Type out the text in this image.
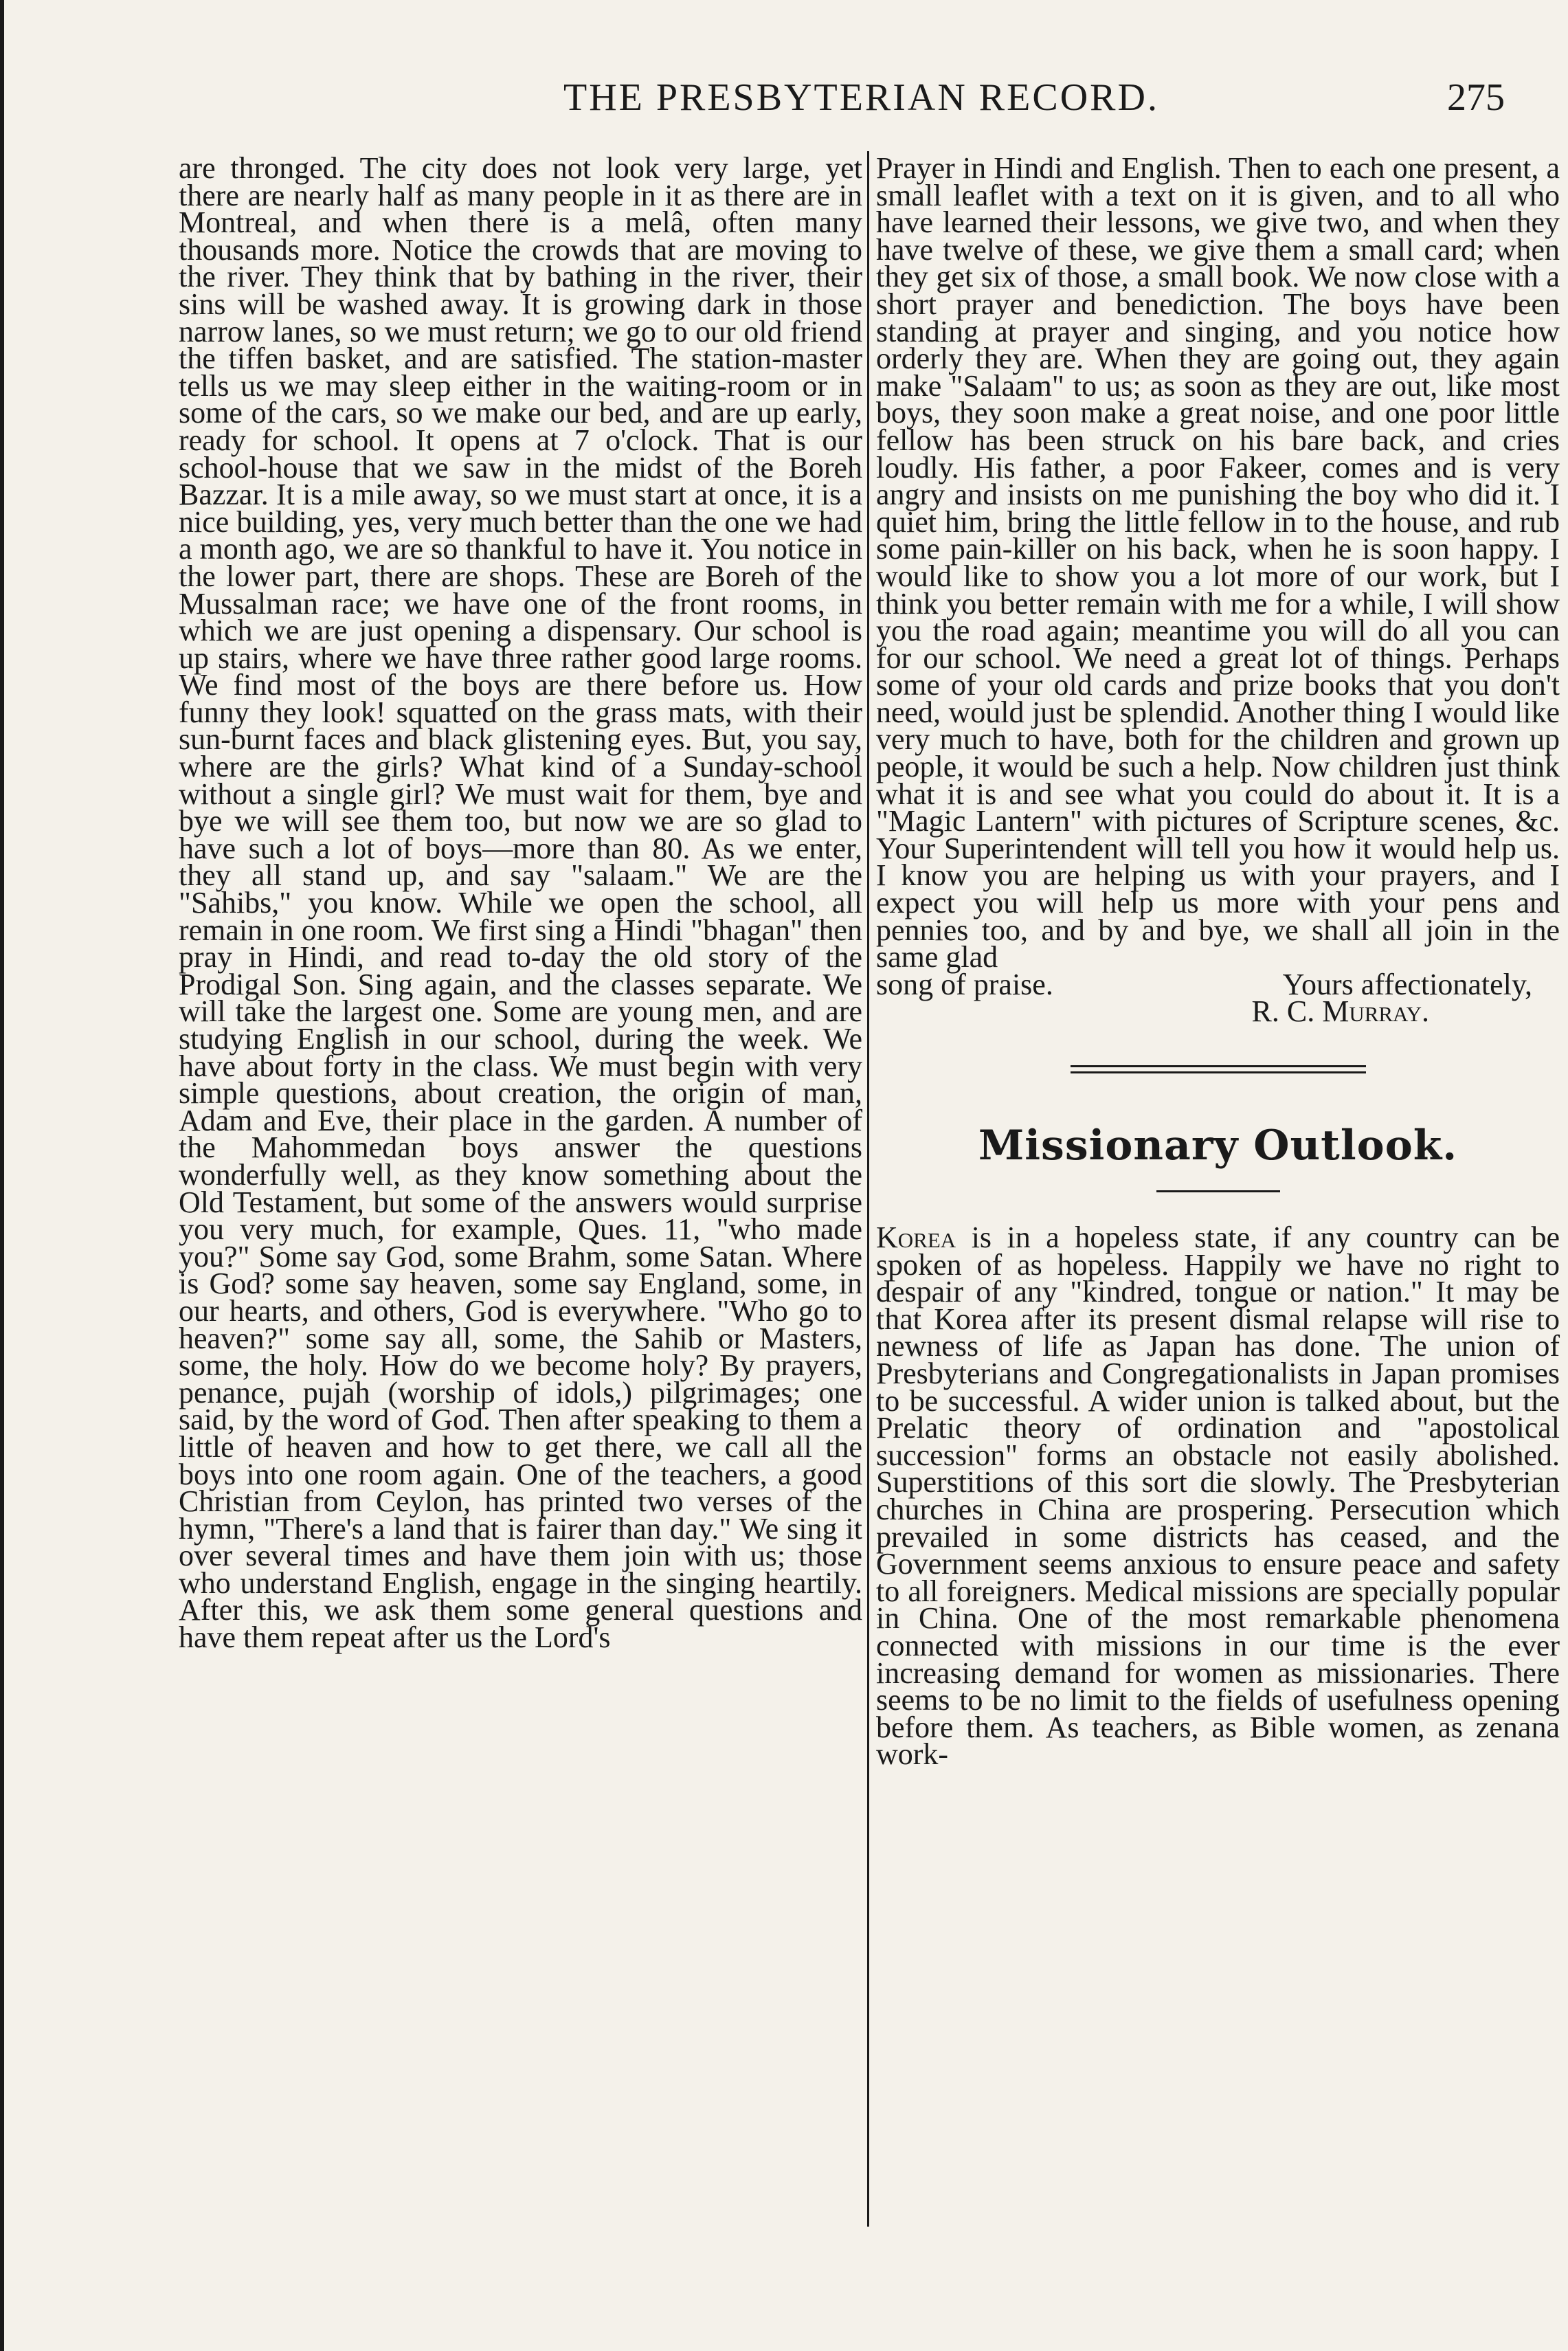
THE PRESBYTERIAN RECORD.	275

are thronged. The city does not look very large, yet there are nearly half as many people in it as there are in Montreal, and when there is a melâ, often many thousands more. Notice the crowds that are moving to the river. They think that by bathing in the river, their sins will be washed away. It is growing dark in those narrow lanes, so we must return; we go to our old friend the tiffen basket, and are satisfied. The station-master tells us we may sleep either in the waiting-room or in some of the cars, so we make our bed, and are up early, ready for school. It opens at 7 o'clock. That is our school-house that we saw in the midst of the Boreh Bazzar. It is a mile away, so we must start at once, it is a nice building, yes, very much better than the one we had a month ago, we are so thankful to have it. You notice in the lower part, there are shops. These are Boreh of the Mussalman race; we have one of the front rooms, in which we are just opening a dispensary. Our school is up stairs, where we have three rather good large rooms. We find most of the boys are there before us. How funny they look! squatted on the grass mats, with their sun-burnt faces and black glistening eyes. But, you say, where are the girls? What kind of a Sunday-school without a single girl? We must wait for them, bye and bye we will see them too, but now we are so glad to have such a lot of boys—more than 80. As we enter, they all stand up, and say "salaam." We are the "Sahibs," you know. While we open the school, all remain in one room. We first sing a Hindi "bhagan" then pray in Hindi, and read to-day the old story of the Prodigal Son. Sing again, and the classes separate. We will take the largest one. Some are young men, and are studying English in our school, during the week. We have about forty in the class. We must begin with very simple questions, about creation, the origin of man, Adam and Eve, their place in the garden. A number of the Mahommedan boys answer the questions wonderfully well, as they know something about the Old Testament, but some of the answers would surprise you very much, for example, Ques. 11, "who made you?" Some say God, some Brahm, some Satan. Where is God? some say heaven, some say England, some, in our hearts, and others, God is everywhere. "Who go to heaven?" some say all, some, the Sahib or Masters, some, the holy. How do we become holy? By prayers, penance, pujah (worship of idols,) pilgrimages; one said, by the word of God. Then after speaking to them a little of heaven and how to get there, we call all the boys into one room again. One of the teachers, a good Christian from Ceylon, has printed two verses of the hymn, "There's a land that is fairer than day." We sing it over several times and have them join with us; those who understand English, engage in the singing heartily. After this, we ask them some general questions and have them repeat after us the Lord's

Prayer in Hindi and English. Then to each one present, a small leaflet with a text on it is given, and to all who have learned their lessons, we give two, and when they have twelve of these, we give them a small card; when they get six of those, a small book. We now close with a short prayer and benediction. The boys have been standing at prayer and singing, and you notice how orderly they are. When they are going out, they again make "Salaam" to us; as soon as they are out, like most boys, they soon make a great noise, and one poor little fellow has been struck on his bare back, and cries loudly. His father, a poor Fakeer, comes and is very angry and insists on me punishing the boy who did it. I quiet him, bring the little fellow in to the house, and rub some pain-killer on his back, when he is soon happy. I would like to show you a lot more of our work, but I think you better remain with me for a while, I will show you the road again; meantime you will do all you can for our school. We need a great lot of things. Perhaps some of your old cards and prize books that you don't need, would just be splendid. Another thing I would like very much to have, both for the children and grown up people, it would be such a help. Now children just think what it is and see what you could do about it. It is a "Magic Lantern" with pictures of Scripture scenes, &c. Your Superintendent will tell you how it would help us. I know you are helping us with your prayers, and I expect you will help us more with your pens and pennies too, and by and bye, we shall all join in the same glad

song of praise.	Yours affectionately,
R. C. Murray.
Missionary Outlook.

Korea is in a hopeless state, if any country can be spoken of as hopeless. Happily we have no right to despair of any "kindred, tongue or nation." It may be that Korea after its present dismal relapse will rise to newness of life as Japan has done. The union of Presbyterians and Congregationalists in Japan promises to be successful. A wider union is talked about, but the Prelatic theory of ordination and "apostolical succession" forms an obstacle not easily abolished. Superstitions of this sort die slowly. The Presbyterian churches in China are prospering. Persecution which prevailed in some districts has ceased, and the Government seems anxious to ensure peace and safety to all foreigners. Medical missions are specially popular in China. One of the most remarkable phenomena connected with missions in our time is the ever increasing demand for women as missionaries. There seems to be no limit to the fields of usefulness opening before them. As teachers, as Bible women, as zenana work-
